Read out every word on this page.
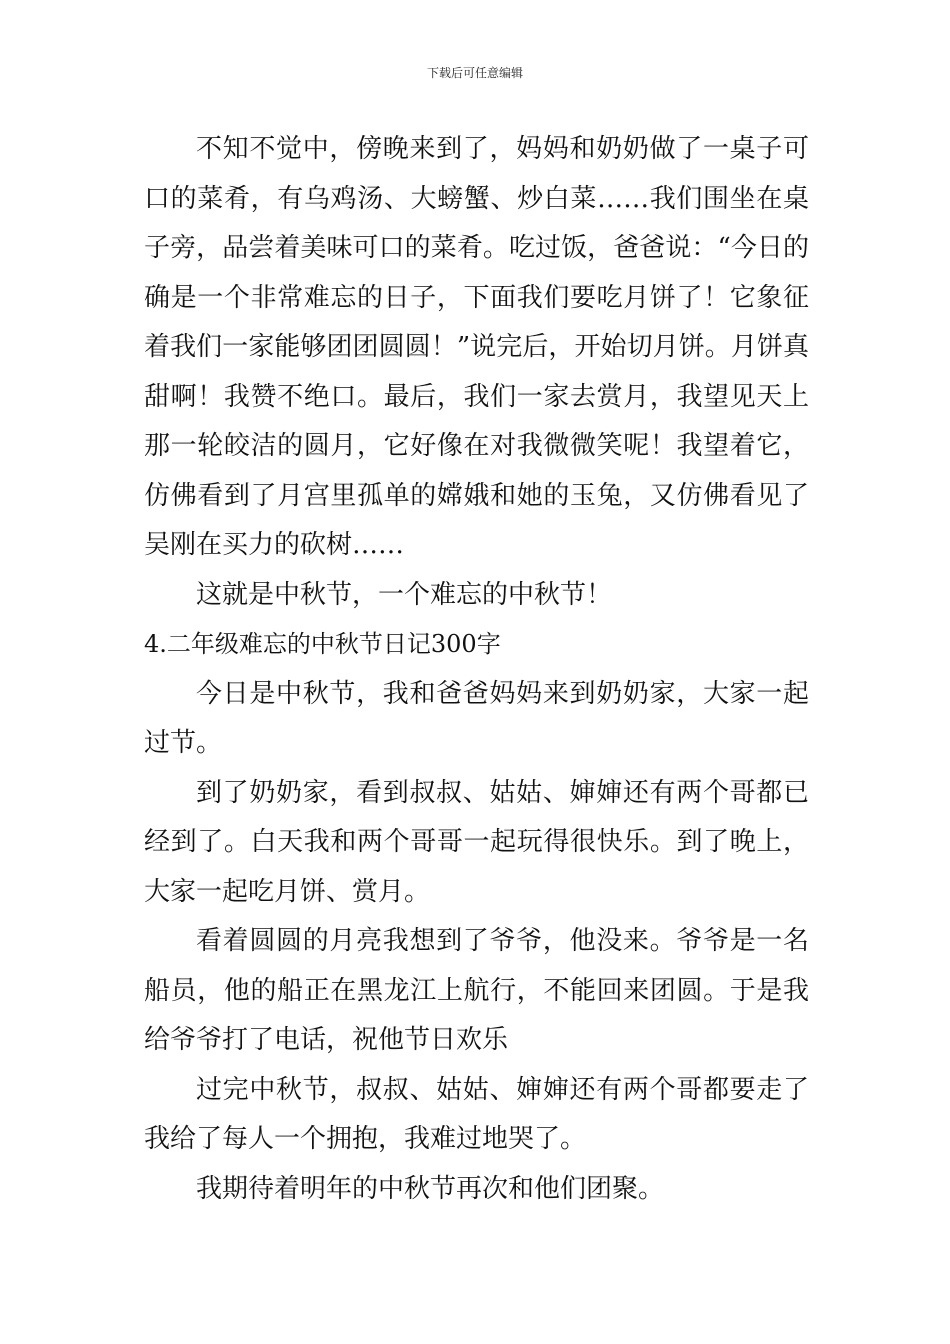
下载后可任意编辑

不知不觉中，傍晚来到了，妈妈和奶奶做了一桌子可口的菜肴，有乌鸡汤、大螃蟹、炒白菜……我们围坐在桌子旁，品尝着美味可口的菜肴。吃过饭，爸爸说：“今日的确是一个非常难忘的日子，下面我们要吃月饼了！它象征着我们一家能够团团圆圆！”说完后，开始切月饼。月饼真甜啊！我赞不绝口。最后，我们一家去赏月，我望见天上那一轮皎洁的圆月，它好像在对我微微笑呢！我望着它，仿佛看到了月宫里孤单的嫦娥和她的玉兔，又仿佛看见了吴刚在买力的砍树……

这就是中秋节，一个难忘的中秋节！

4.二年级难忘的中秋节日记300字

今日是中秋节，我和爸爸妈妈来到奶奶家，大家一起过节。

到了奶奶家，看到叔叔、姑姑、婶婶还有两个哥都已经到了。白天我和两个哥哥一起玩得很快乐。到了晚上，大家一起吃月饼、赏月。

看着圆圆的月亮我想到了爷爷，他没来。爷爷是一名船员，他的船正在黑龙江上航行，不能回来团圆。于是我给爷爷打了电话，祝他节日欢乐

过完中秋节，叔叔、姑姑、婶婶还有两个哥都要走了我给了每人一个拥抱，我难过地哭了。

我期待着明年的中秋节再次和他们团聚。
